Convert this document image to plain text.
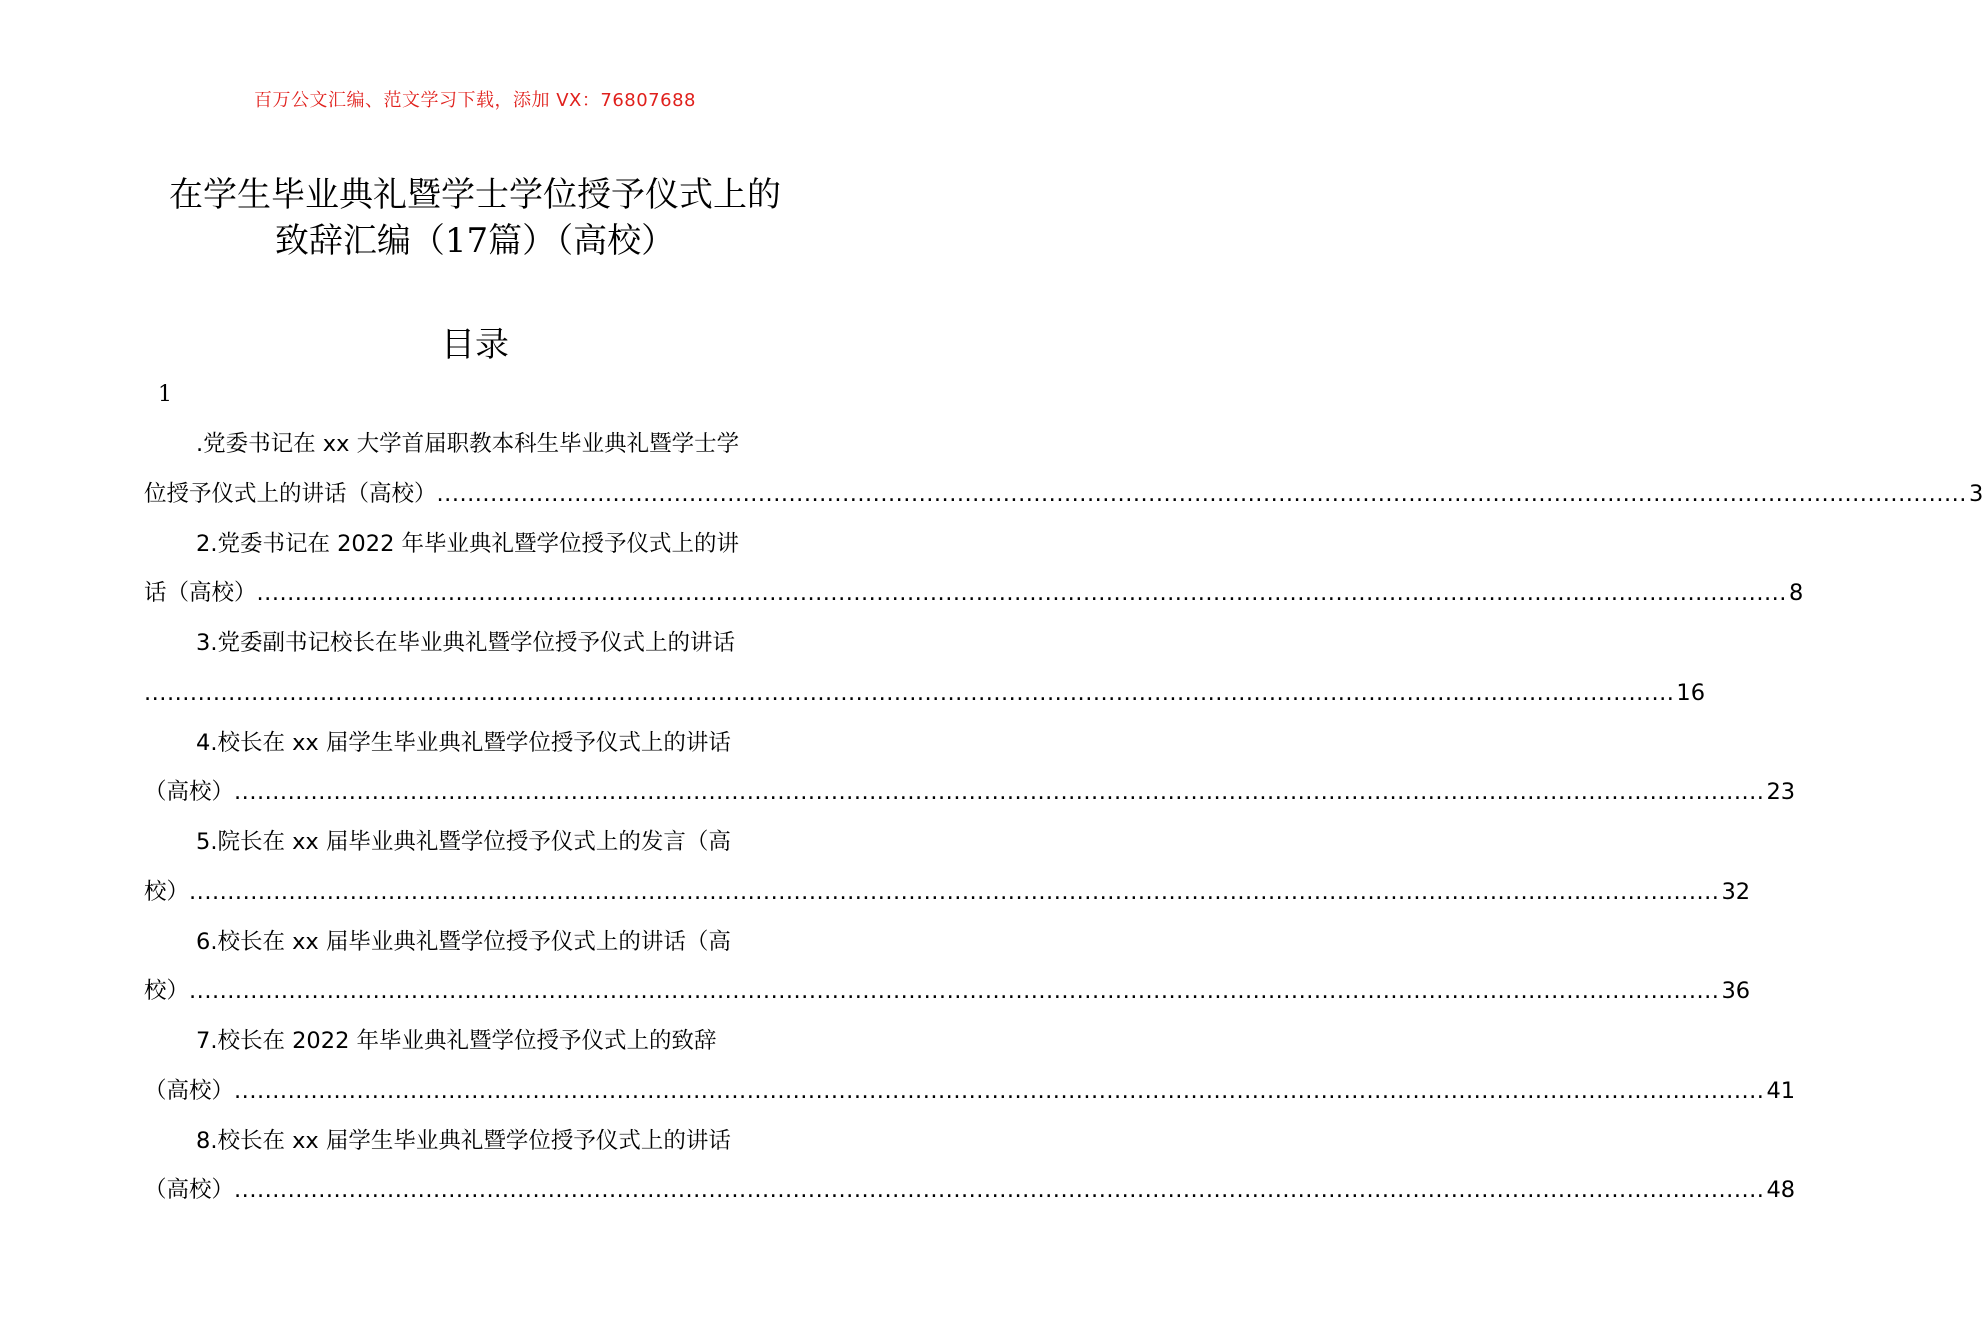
百万公文汇编、范文学习下载，添加 VX：76807688
在学生毕业典礼暨学士学位授予仪式上的
致辞汇编（17篇）（高校）
目录
1
.党委书记在 xx 大学首届职教本科生毕业典礼暨学士学
位授予仪式上的讲话（高校） ........................................................................................................................................................................................................ 3
2.党委书记在 2022 年毕业典礼暨学位授予仪式上的讲
话（高校） ........................................................................................................................................................................................................ 8
3.党委副书记校长在毕业典礼暨学位授予仪式上的讲话
........................................................................................................................................................................................................ 16
4.校长在 xx 届学生毕业典礼暨学位授予仪式上的讲话
（高校） ........................................................................................................................................................................................................ 23
5.院长在 xx 届毕业典礼暨学位授予仪式上的发言（高
校） ........................................................................................................................................................................................................ 32
6.校长在 xx 届毕业典礼暨学位授予仪式上的讲话（高
校） ........................................................................................................................................................................................................ 36
7.校长在 2022 年毕业典礼暨学位授予仪式上的致辞
（高校） ........................................................................................................................................................................................................ 41
8.校长在 xx 届学生毕业典礼暨学位授予仪式上的讲话
（高校） ........................................................................................................................................................................................................ 48
